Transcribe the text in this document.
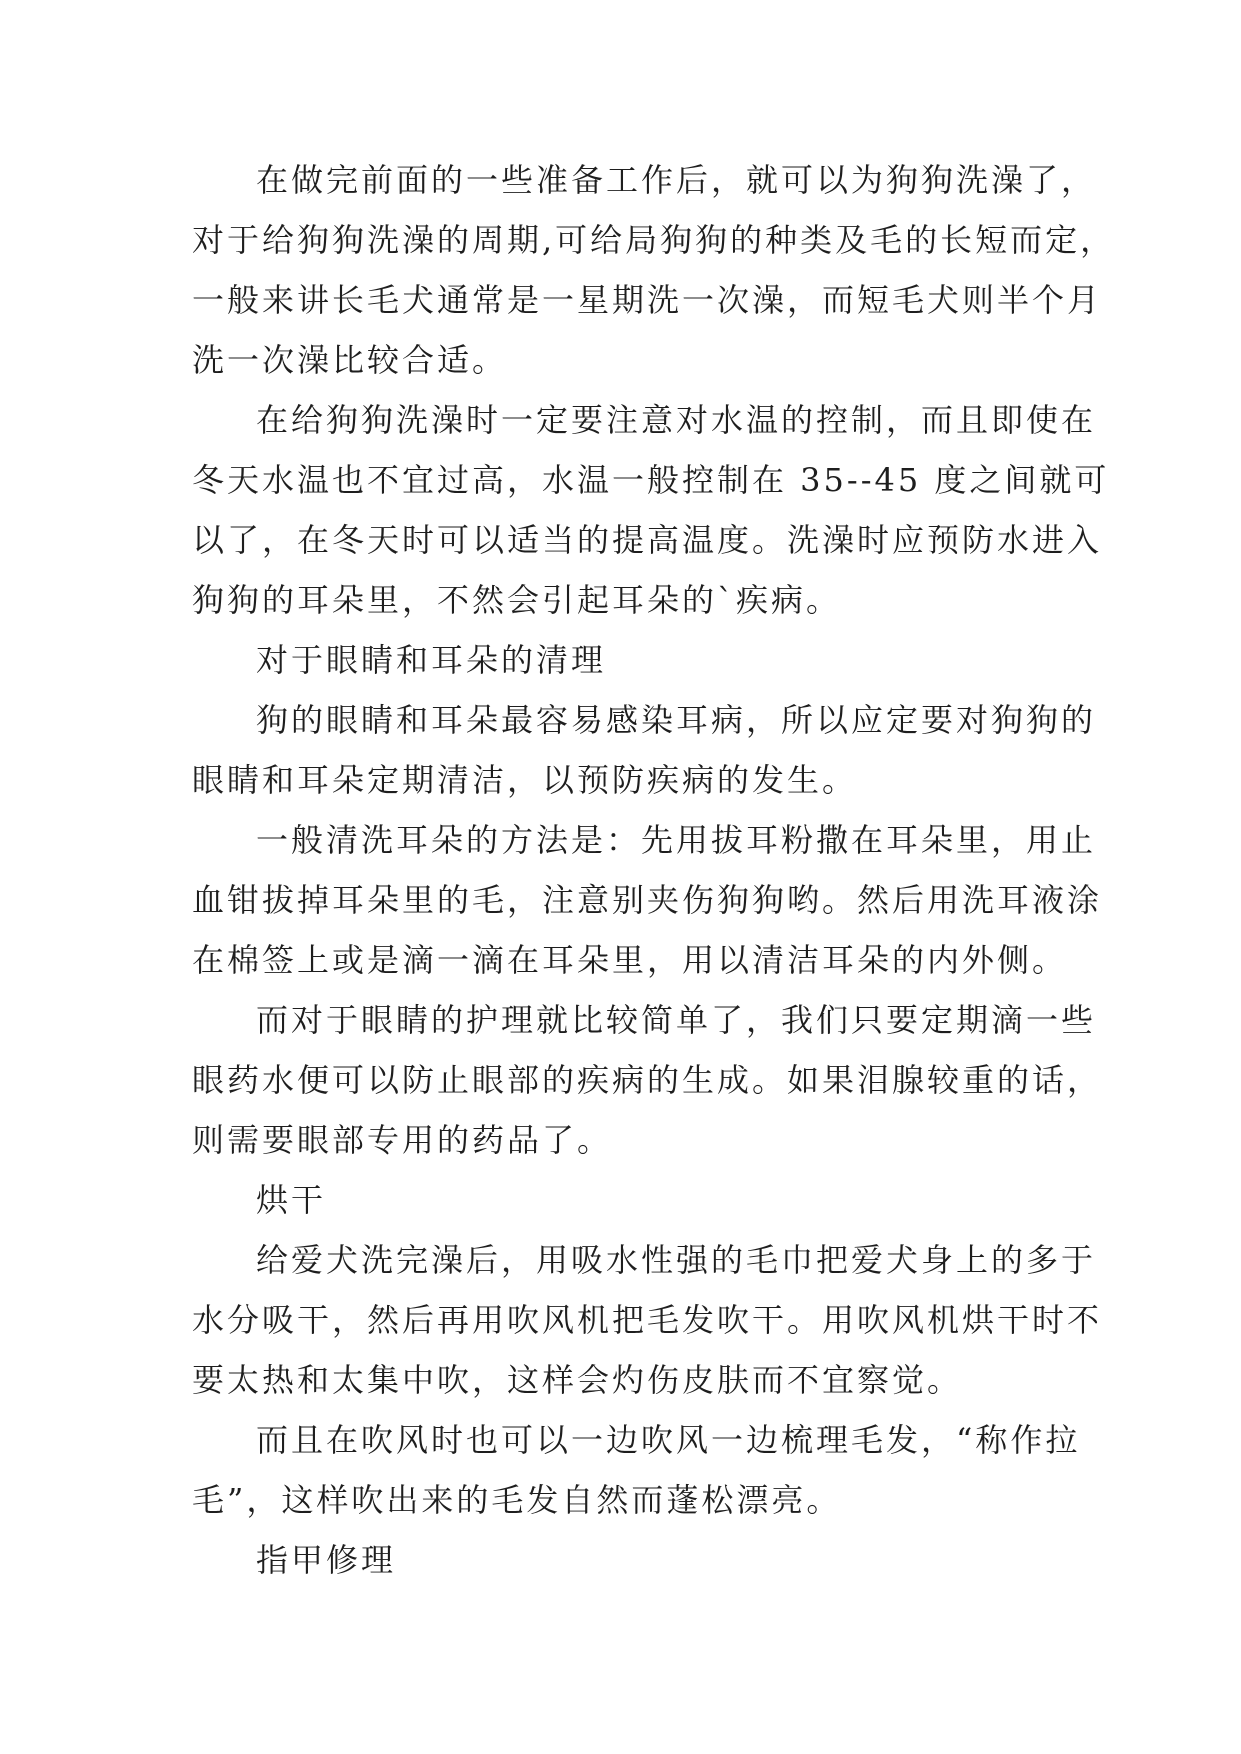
在做完前面的一些准备工作后，就可以为狗狗洗澡了，
对于给狗狗洗澡的周期,可给局狗狗的种类及毛的长短而定，
一般来讲长毛犬通常是一星期洗一次澡，而短毛犬则半个月
洗一次澡比较合适。
在给狗狗洗澡时一定要注意对水温的控制，而且即使在
冬天水温也不宜过高，水温一般控制在 35--45 度之间就可
以了，在冬天时可以适当的提高温度。洗澡时应预防水进入
狗狗的耳朵里，不然会引起耳朵的`疾病。
对于眼睛和耳朵的清理
狗的眼睛和耳朵最容易感染耳病，所以应定要对狗狗的
眼睛和耳朵定期清洁，以预防疾病的发生。
一般清洗耳朵的方法是：先用拔耳粉撒在耳朵里，用止
血钳拔掉耳朵里的毛，注意别夹伤狗狗哟。然后用洗耳液涂
在棉签上或是滴一滴在耳朵里，用以清洁耳朵的内外侧。
而对于眼睛的护理就比较简单了，我们只要定期滴一些
眼药水便可以防止眼部的疾病的生成。如果泪腺较重的话，
则需要眼部专用的药品了。
烘干
给爱犬洗完澡后，用吸水性强的毛巾把爱犬身上的多于
水分吸干，然后再用吹风机把毛发吹干。用吹风机烘干时不
要太热和太集中吹，这样会灼伤皮肤而不宜察觉。
而且在吹风时也可以一边吹风一边梳理毛发，“称作拉
毛”，这样吹出来的毛发自然而蓬松漂亮。
指甲修理
